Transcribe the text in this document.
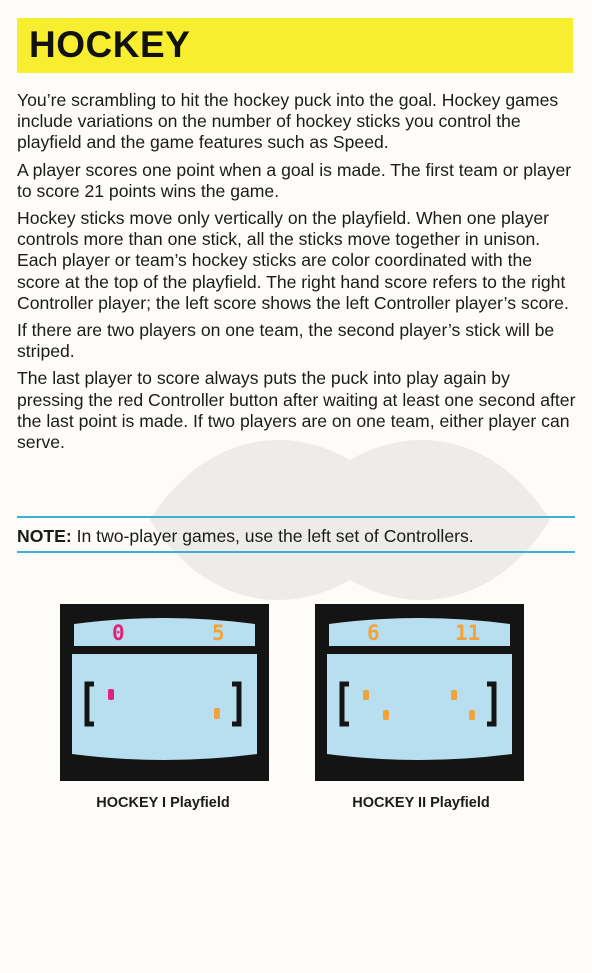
HOCKEY

You’re scrambling to hit the hockey puck into the goal. Hockey games include variations on the number of hockey sticks you control the playfield and the game features such as Speed.

A player scores one point when a goal is made. The first team or player to score 21 points wins the game.

Hockey sticks move only vertically on the playfield. When one player controls more than one stick, all the sticks move together in unison. Each player or team’s hockey sticks are color coordinated with the score at the top of the playfield. The right hand score refers to the right Controller player; the left score shows the left Controller player’s score.

If there are two players on one team, the second player’s stick will be striped.

The last player to score always puts the puck into play again by pressing the red Controller button after waiting at least one second after the last point is made. If two players are on one team, either player can serve.

NOTE: In two-player games, use the left set of Controllers.
0	5
HOCKEY I Playfield
6	11
HOCKEY II Playfield
